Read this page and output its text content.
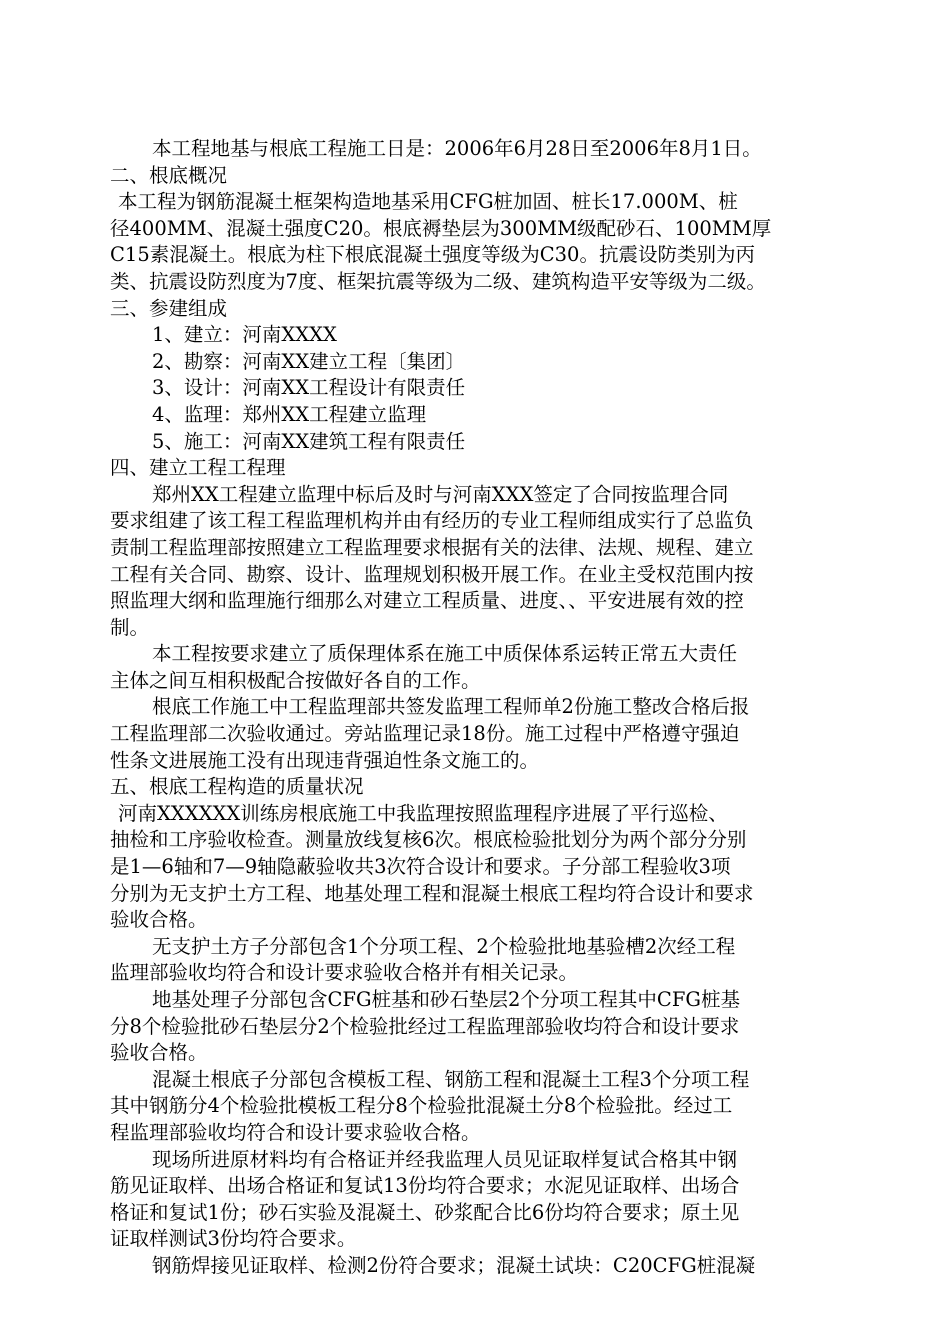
本工程地基与根底工程施工日是：2006年6月28日至2006年8月1日。
二、根底概况
本工程为钢筋混凝土框架构造地基采用CFG桩加固、桩长17.000M、桩
径400MM、混凝土强度C20。根底褥垫层为300MM级配砂石、100MM厚
C15素混凝土。根底为柱下根底混凝土强度等级为C30。抗震设防类别为丙
类、抗震设防烈度为7度、框架抗震等级为二级、建筑构造平安等级为二级。
三、参建组成
1、建立：河南XXXX
2、勘察：河南XX建立工程〔集团〕
3、设计：河南XX工程设计有限责任
4、监理：郑州XX工程建立监理
5、施工：河南XX建筑工程有限责任
四、建立工程工程理
郑州XX工程建立监理中标后及时与河南XXX签定了合同按监理合同
要求组建了该工程工程监理机构并由有经历的专业工程师组成实行了总监负
责制工程监理部按照建立工程监理要求根据有关的法律、法规、规程、建立
工程有关合同、勘察、设计、监理规划积极开展工作。在业主受权范围内按
照监理大纲和监理施行细那么对建立工程质量、进度、、平安进展有效的控
制。
本工程按要求建立了质保理体系在施工中质保体系运转正常五大责任
主体之间互相积极配合按做好各自的工作。
根底工作施工中工程监理部共签发监理工程师单2份施工整改合格后报
工程监理部二次验收通过。旁站监理记录18份。施工过程中严格遵守强迫
性条文进展施工没有出现违背强迫性条文施工的。
五、根底工程构造的质量状况
河南XXXXXX训练房根底施工中我监理按照监理程序进展了平行巡检、
抽检和工序验收检查。测量放线复核6次。根底检验批划分为两个部分分别
是1—6轴和7—9轴隐蔽验收共3次符合设计和要求。子分部工程验收3项
分别为无支护土方工程、地基处理工程和混凝土根底工程均符合设计和要求
验收合格。
无支护土方子分部包含1个分项工程、2个检验批地基验槽2次经工程
监理部验收均符合和设计要求验收合格并有相关记录。
地基处理子分部包含CFG桩基和砂石垫层2个分项工程其中CFG桩基
分8个检验批砂石垫层分2个检验批经过工程监理部验收均符合和设计要求
验收合格。
混凝土根底子分部包含模板工程、钢筋工程和混凝土工程3个分项工程
其中钢筋分4个检验批模板工程分8个检验批混凝土分8个检验批。经过工
程监理部验收均符合和设计要求验收合格。
现场所进原材料均有合格证并经我监理人员见证取样复试合格其中钢
筋见证取样、出场合格证和复试13份均符合要求；水泥见证取样、出场合
格证和复试1份；砂石实验及混凝土、砂浆配合比6份均符合要求；原土见
证取样测试3份均符合要求。
钢筋焊接见证取样、检测2份符合要求；混凝土试块：C20CFG桩混凝
